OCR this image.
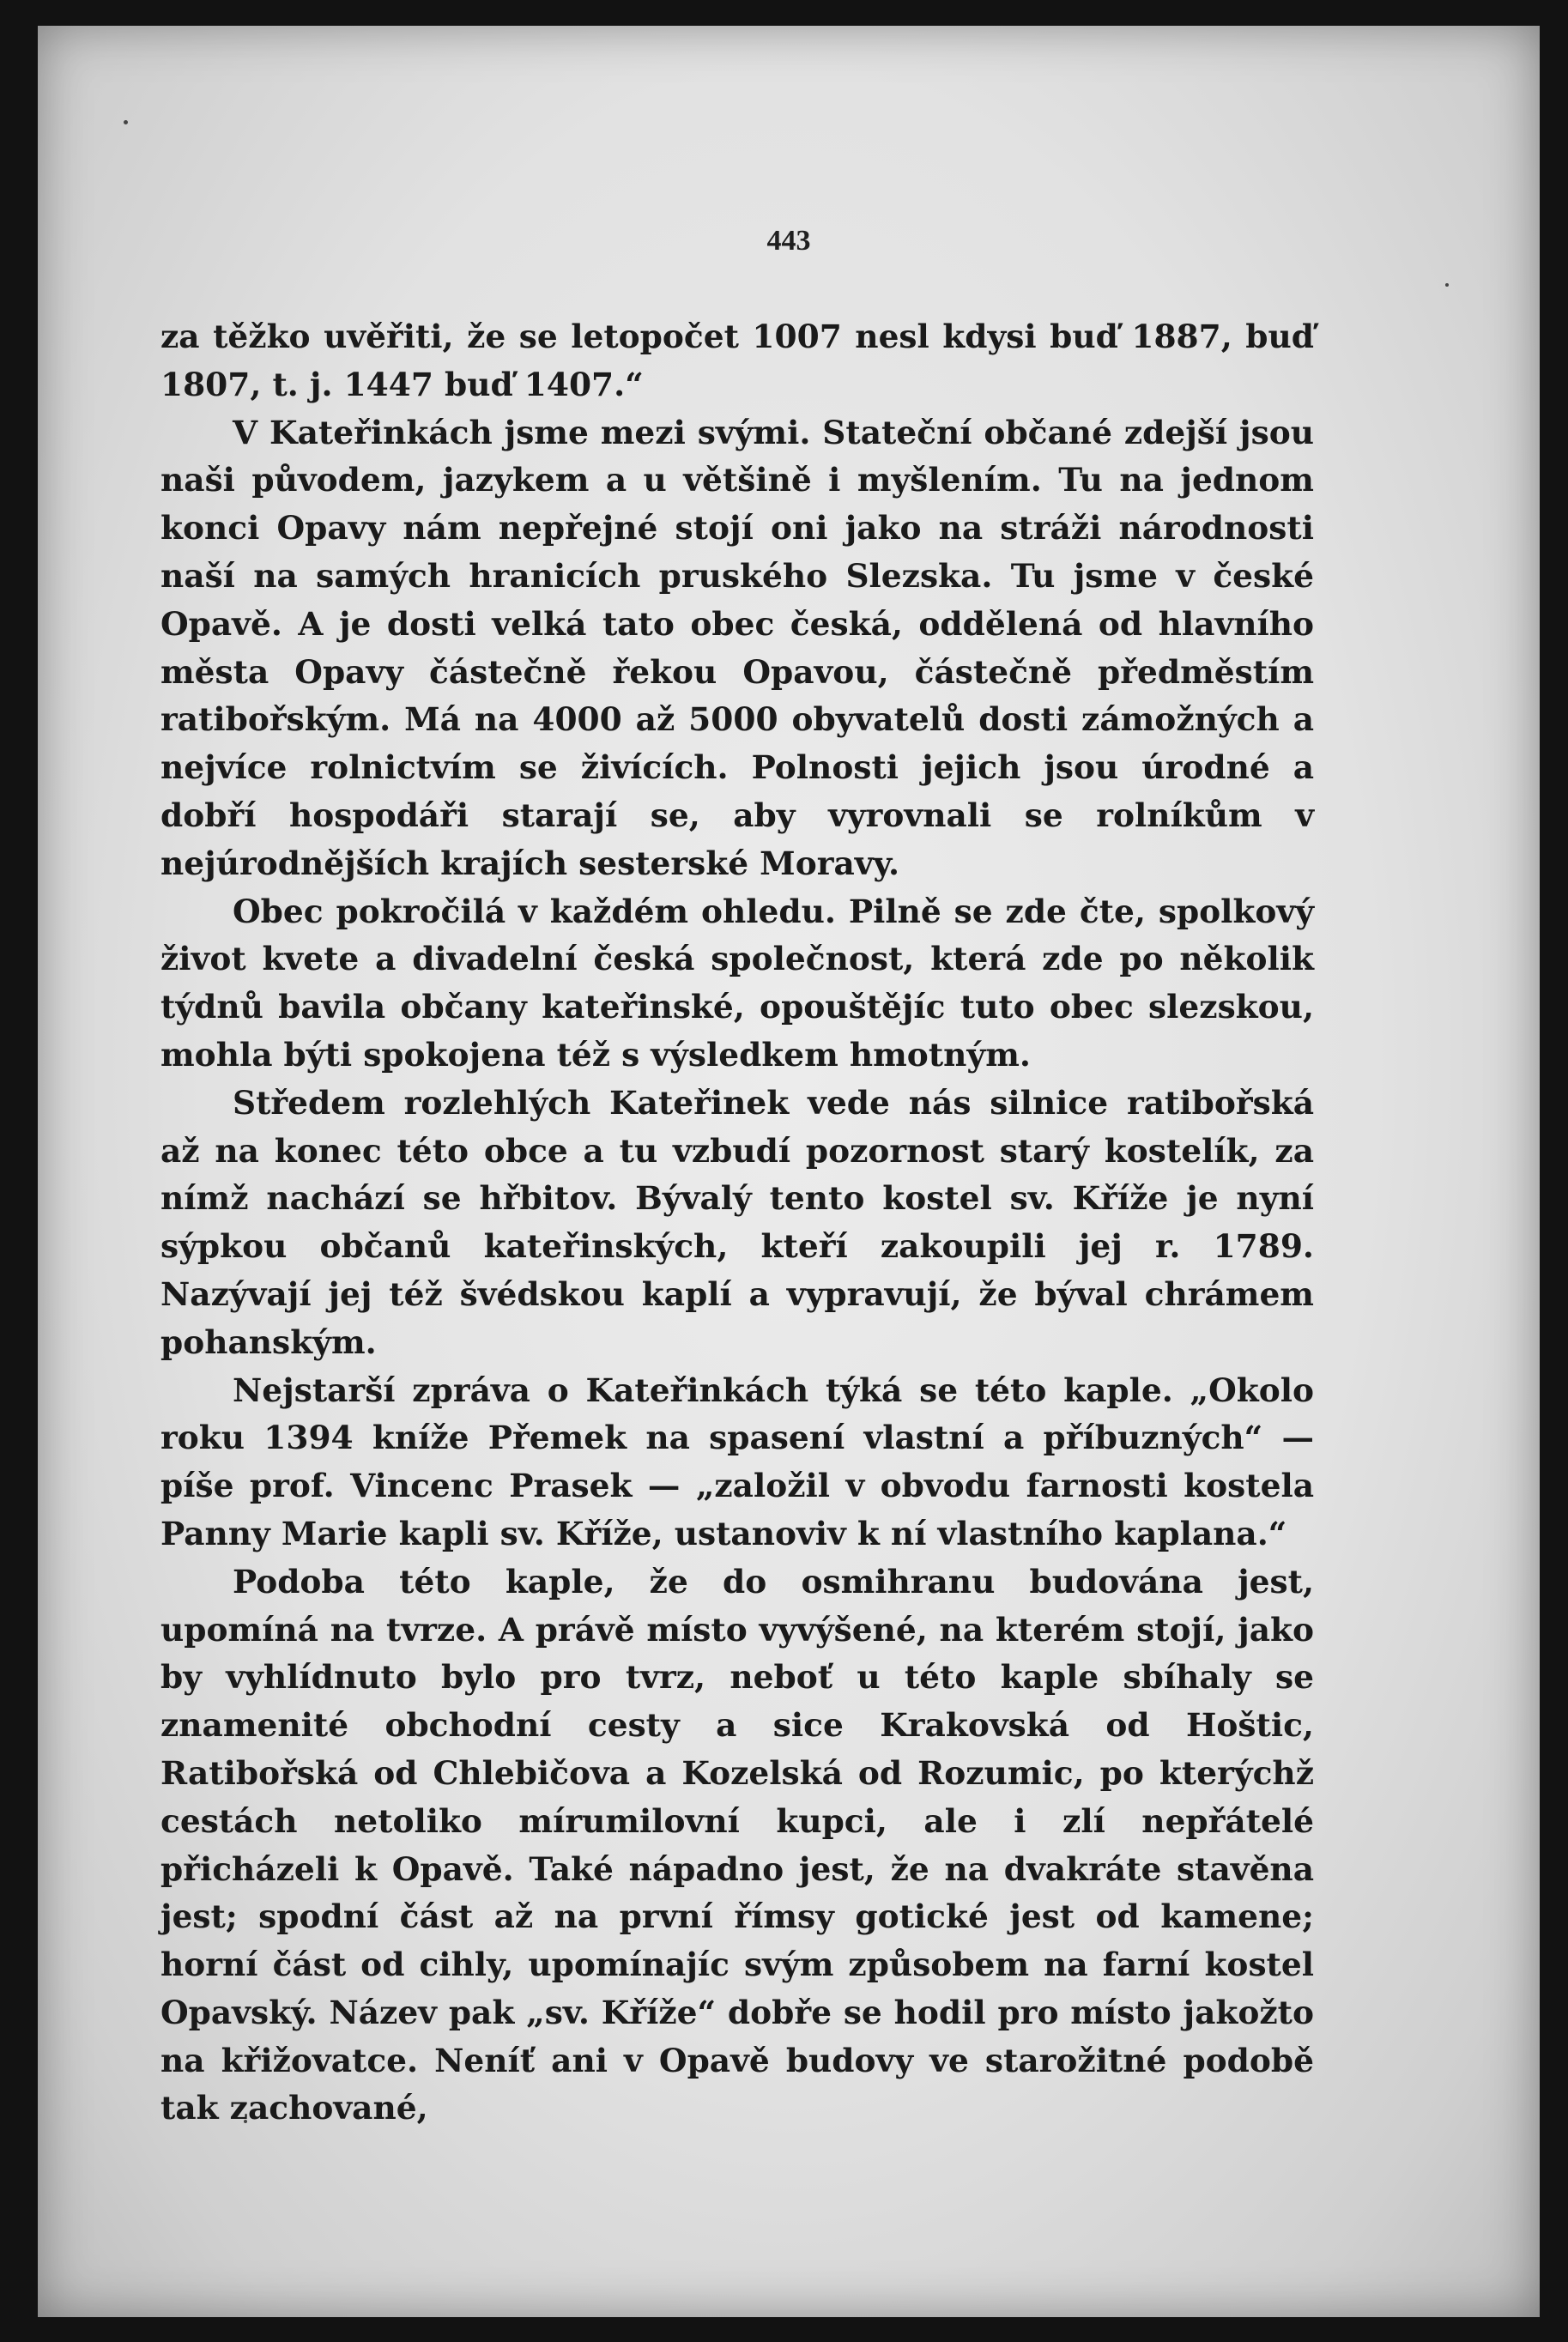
443

za těžko uvěřiti, že se letopočet 1007 nesl kdysi buď 1887, buď 1807, t. j. 1447 buď 1407.“

V Kateřinkách jsme mezi svými. Stateční občané zdejší jsou naši původem, jazykem a u většině i myšlením. Tu na jednom konci Opavy nám nepřejné stojí oni jako na stráži národnosti naší na samých hranicích pruského Slezska. Tu jsme v české Opavě. A je dosti velká tato obec česká, oddělená od hlavního města Opavy částečně řekou Opavou, částečně předměstím ratibořským. Má na 4000 až 5000 obyvatelů dosti zámožných a nejvíce rolnictvím se živících. Polnosti jejich jsou úrodné a dobří hospodáři starají se, aby vyrovnali se rolníkům v nejúrodnějších krajích sesterské Moravy.

Obec pokročilá v každém ohledu. Pilně se zde čte, spolkový život kvete a divadelní česká společnost, která zde po několik týdnů bavila občany kateřinské, opouštějíc tuto obec slezskou, mohla býti spokojena též s výsledkem hmotným.

Středem rozlehlých Kateřinek vede nás silnice ratibořská až na konec této obce a tu vzbudí pozornost starý kostelík, za nímž nachází se hřbitov. Bývalý tento kostel sv. Kříže je nyní sýpkou občanů kateřinských, kteří zakoupili jej r. 1789. Nazývají jej též švédskou kaplí a vypravují, že býval chrámem pohanským.

Nejstarší zpráva o Kateřinkách týká se této kaple. „Okolo roku 1394 kníže Přemek na spasení vlastní a příbuzných“ — píše prof. Vincenc Prasek — „založil v obvodu farnosti kostela Panny Marie kapli sv. Kříže, ustanoviv k ní vlastního kaplana.“

Podoba této kaple, že do osmihranu budována jest, upomíná na tvrze. A právě místo vyvýšené, na kterém stojí, jako by vyhlídnuto bylo pro tvrz, neboť u této kaple sbíhaly se znamenité obchodní cesty a sice Krakovská od Hoštic, Ratibořská od Chlebičova a Kozelská od Rozumic, po kterýchž cestách netoliko mírumilovní kupci, ale i zlí nepřátelé přicházeli k Opavě. Také nápadno jest, že na dvakráte stavěna jest; spodní část až na první římsy gotické jest od kamene; horní část od cihly, upomínajíc svým způsobem na farní kostel Opavský. Název pak „sv. Kříže“ dobře se hodil pro místo jakožto na křižovatce. Neníť ani v Opavě budovy ve starožitné podobě tak zachované,
